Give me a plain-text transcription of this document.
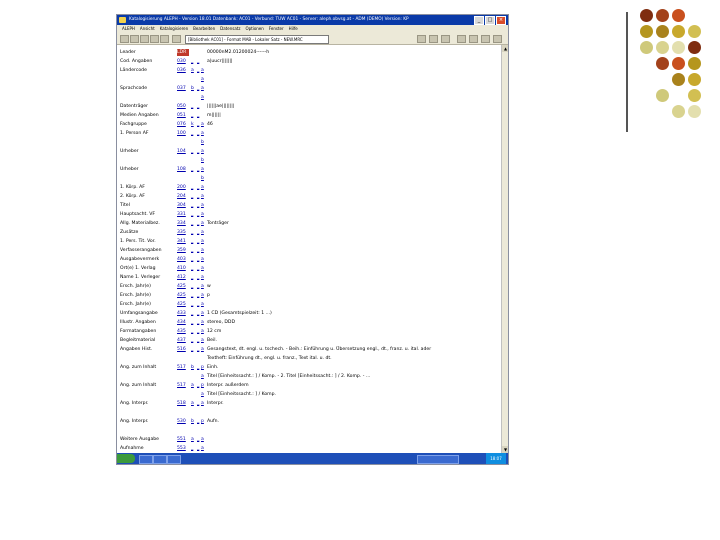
Katalogisierung ALEPH - Version 18.01 Datenbank: AC01 - Verbund: TUW AC01 - Server: aleph.obvsg.at - ADM (DEMO) Version: KP	_ □ ×
ALEPH Ansicht Katalogisieren Bearbeiten Datensatz Optionen Fenster Hilfe
[Bibliothek AC01] - Format MAB - Lokaler Satz - NEW.MRC
Leader	LDR	00000nM2.01200024------h
Cod. Angaben	030	_ _	a|uucr|||||||
Ländercode	036	a _ a
a
Sprachcode	037	b _ a
a
Datenträger	050	_ _	||||||ae||||||||
Medien Angaben	051	_ _	m||||||
Fachgruppe	076	k _ a 46
1. Person AF	100	_ _ a
b
Urheber	104	_ _ a
b
Urheber	108	_ _ a
b
1. Körp. AF	200	_ _ a
2. Körp. AF	204	_ _ a
Titel	304	_ _ a
Hauptsacht. VF	331	_ _ a
Allg. Materialbez.	334	_ _ a Tonträger
Zusätze	335	_ _ a
1. Pers. Tit. Vor.	341	_ _ a
Verfasserangaben	359	_ _ a
Ausgabevermerk	403	_ _ a
Ort(e) 1. Verlag	410	_ _ a
Name 1. Verleger	412	_ _ a
Ersch. Jahr(e)	425	_ _ a w
Ersch. Jahr(e)	425	_ _ a p
Ersch. Jahr(e)	425	_ _ a
Umfangsangabe	433	_ _ a 1 CD (Gesamtspielzeit: 1 ...)
Illustr. Angaben	434	_ _ a stereo, DDD
Formatangaben	435	_ _ a 12 cm
Begleitmaterial	437	_ _ a Beil.
Angaben Hist.	516	_ _ a Gesangstext, dt. engl. u. tschech. - Beih.: Einführung u. Übersetzung engl., dt., franz. u. ital. ader
Textheft: Einführung dt., engl. u. franz., Text ital. u. dt.
Ang. zum Inhalt	517	b _ p Einh.
a Titel [Einheitssacht.: ] / Komp. - 2. Titel [Einheitssacht.: ] / 2. Komp. - ...
Ang. zum Inhalt	517	a _ p Interpr. außerdem
a Titel [Einheitssacht.: ] / Komp.
Ang. Interpr.	518	a _ a Interpr.
Ang. Interpr.	530	b _ p Aufn.
Weitere Ausgabe	551	a _ a
Aufnahme	553	_ _ a
▲
▼
18:07
